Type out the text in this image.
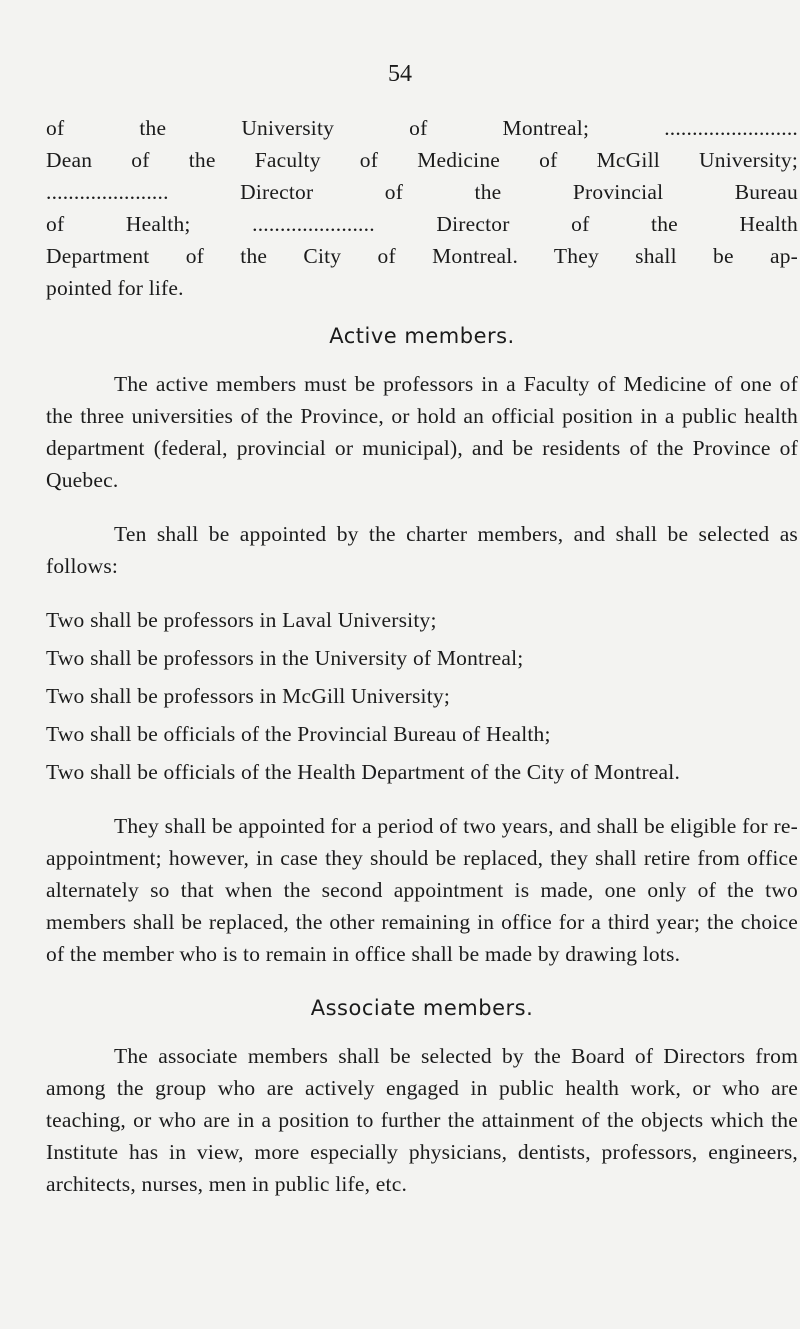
54
of the University of Montreal; ........................
Dean of the Faculty of Medicine of McGill University;
...................... Director of the Provincial Bureau
of Health; ...................... Director of the Health
Department of the City of Montreal. They shall be ap-
pointed for life.

Active members.

The active members must be professors in a Faculty of Medicine of one of the three universities of the Province, or hold an official position in a public health department (federal, provincial or municipal), and be residents of the Province of Quebec.

Ten shall be appointed by the charter members, and shall be selected as follows:

Two shall be professors in Laval University;

Two shall be professors in the University of Montreal;

Two shall be professors in McGill University;

Two shall be officials of the Provincial Bureau of Health;

Two shall be officials of the Health Department of the City of Montreal.

They shall be appointed for a period of two years, and shall be eligible for re-appointment; however, in case they should be replaced, they shall retire from office alternately so that when the second appointment is made, one only of the two members shall be replaced, the other remaining in office for a third year; the choice of the member who is to remain in office shall be made by drawing lots.

Associate members.

The associate members shall be selected by the Board of Directors from among the group who are actively engaged in public health work, or who are teaching, or who are in a position to further the attainment of the objects which the Institute has in view, more especially physicians, dentists, professors, engineers, architects, nurses, men in public life, etc.
